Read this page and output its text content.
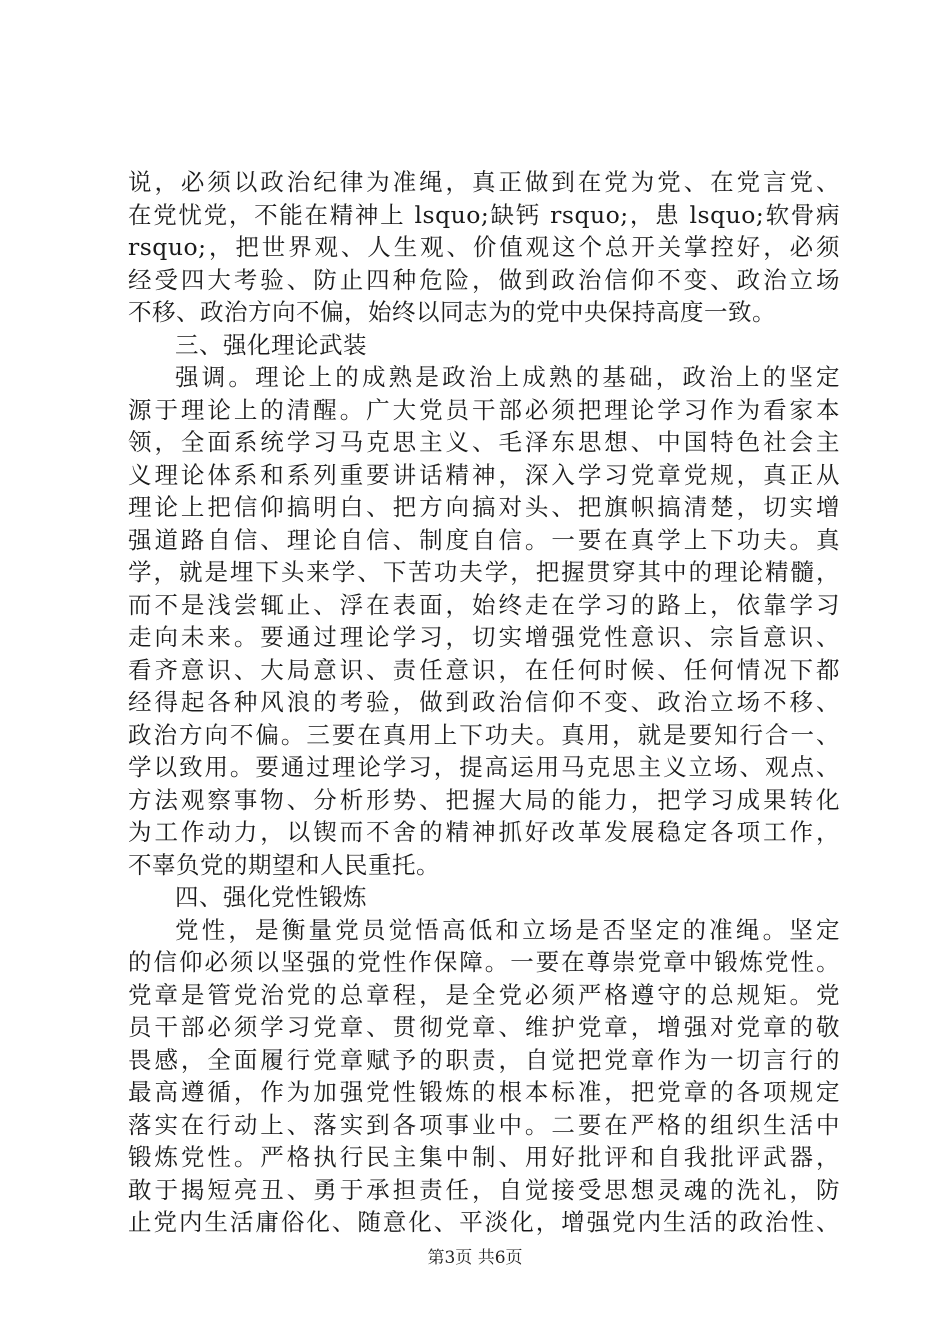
说，必须以政治纪律为准绳，真正做到在党为党、在党言党、
在党忧党，不能在精神上 lsquo;缺钙 rsquo;，患 lsquo;软骨病
rsquo;，把世界观、人生观、价值观这个总开关掌控好，必须
经受四大考验、防止四种危险，做到政治信仰不变、政治立场
不移、政治方向不偏，始终以同志为的党中央保持高度一致。
三、强化理论武装
强调。理论上的成熟是政治上成熟的基础，政治上的坚定
源于理论上的清醒。广大党员干部必须把理论学习作为看家本
领，全面系统学习马克思主义、毛泽东思想、中国特色社会主
义理论体系和系列重要讲话精神，深入学习党章党规，真正从
理论上把信仰搞明白、把方向搞对头、把旗帜搞清楚，切实增
强道路自信、理论自信、制度自信。一要在真学上下功夫。真
学，就是埋下头来学、下苦功夫学，把握贯穿其中的理论精髓，
而不是浅尝辄止、浮在表面，始终走在学习的路上，依靠学习
走向未来。要通过理论学习，切实增强党性意识、宗旨意识、
看齐意识、大局意识、责任意识，在任何时候、任何情况下都
经得起各种风浪的考验，做到政治信仰不变、政治立场不移、
政治方向不偏。三要在真用上下功夫。真用，就是要知行合一、
学以致用。要通过理论学习，提高运用马克思主义立场、观点、
方法观察事物、分析形势、把握大局的能力，把学习成果转化
为工作动力，以锲而不舍的精神抓好改革发展稳定各项工作，
不辜负党的期望和人民重托。
四、强化党性锻炼
党性，是衡量党员觉悟高低和立场是否坚定的准绳。坚定
的信仰必须以坚强的党性作保障。一要在尊崇党章中锻炼党性。
党章是管党治党的总章程，是全党必须严格遵守的总规矩。党
员干部必须学习党章、贯彻党章、维护党章，增强对党章的敬
畏感，全面履行党章赋予的职责，自觉把党章作为一切言行的
最高遵循，作为加强党性锻炼的根本标准，把党章的各项规定
落实在行动上、落实到各项事业中。二要在严格的组织生活中
锻炼党性。严格执行民主集中制、用好批评和自我批评武器，
敢于揭短亮丑、勇于承担责任，自觉接受思想灵魂的洗礼，防
止党内生活庸俗化、随意化、平淡化，增强党内生活的政治性、
第3页 共6页
